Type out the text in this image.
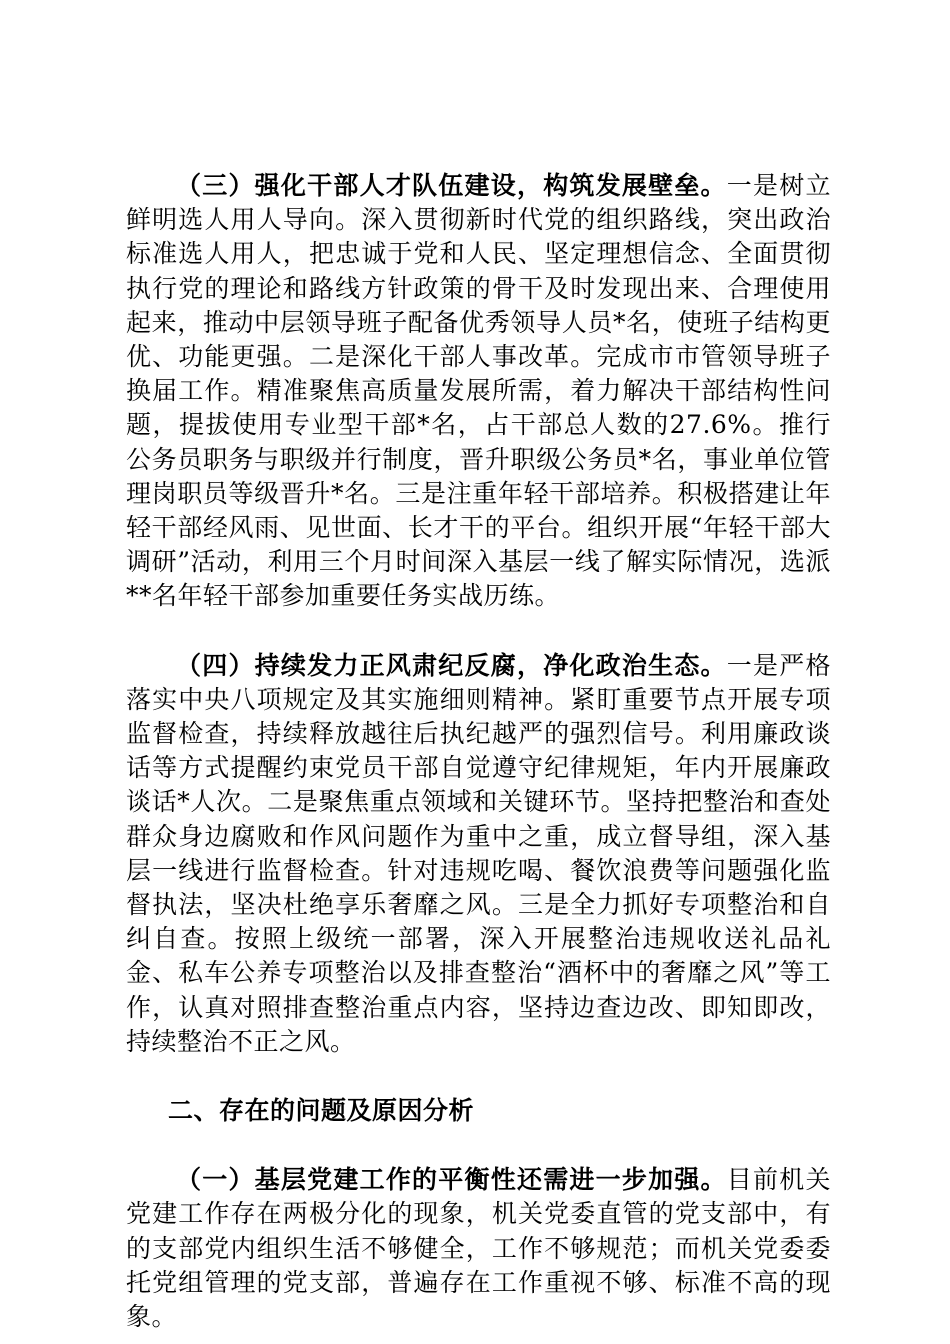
（三）强化干部人才队伍建设，构筑发展壁垒。一是树立鲜明选人用人导向。深入贯彻新时代党的组织路线，突出政治标准选人用人，把忠诚于党和人民、坚定理想信念、全面贯彻执行党的理论和路线方针政策的骨干及时发现出来、合理使用起来，推动中层领导班子配备优秀领导人员*名，使班子结构更优、功能更强。二是深化干部人事改革。完成市市管领导班子换届工作。精准聚焦高质量发展所需，着力解决干部结构性问题，提拔使用专业型干部*名，占干部总人数的27.6%。推行公务员职务与职级并行制度，晋升职级公务员*名，事业单位管理岗职员等级晋升*名。三是注重年轻干部培养。积极搭建让年轻干部经风雨、见世面、长才干的平台。组织开展“年轻干部大调研”活动，利用三个月时间深入基层一线了解实际情况，选派**名年轻干部参加重要任务实战历练。

（四）持续发力正风肃纪反腐，净化政治生态。一是严格落实中央八项规定及其实施细则精神。紧盯重要节点开展专项监督检查，持续释放越往后执纪越严的强烈信号。利用廉政谈话等方式提醒约束党员干部自觉遵守纪律规矩，年内开展廉政谈话*人次。二是聚焦重点领域和关键环节。坚持把整治和查处群众身边腐败和作风问题作为重中之重，成立督导组，深入基层一线进行监督检查。针对违规吃喝、餐饮浪费等问题强化监督执法，坚决杜绝享乐奢靡之风。三是全力抓好专项整治和自纠自查。按照上级统一部署，深入开展整治违规收送礼品礼金、私车公养专项整治以及排查整治“酒杯中的奢靡之风”等工作，认真对照排查整治重点内容，坚持边查边改、即知即改，持续整治不正之风。

二、存在的问题及原因分析

（一）基层党建工作的平衡性还需进一步加强。目前机关党建工作存在两极分化的现象，机关党委直管的党支部中，有的支部党内组织生活不够健全，工作不够规范；而机关党委委托党组管理的党支部，普遍存在工作重视不够、标准不高的现象。
